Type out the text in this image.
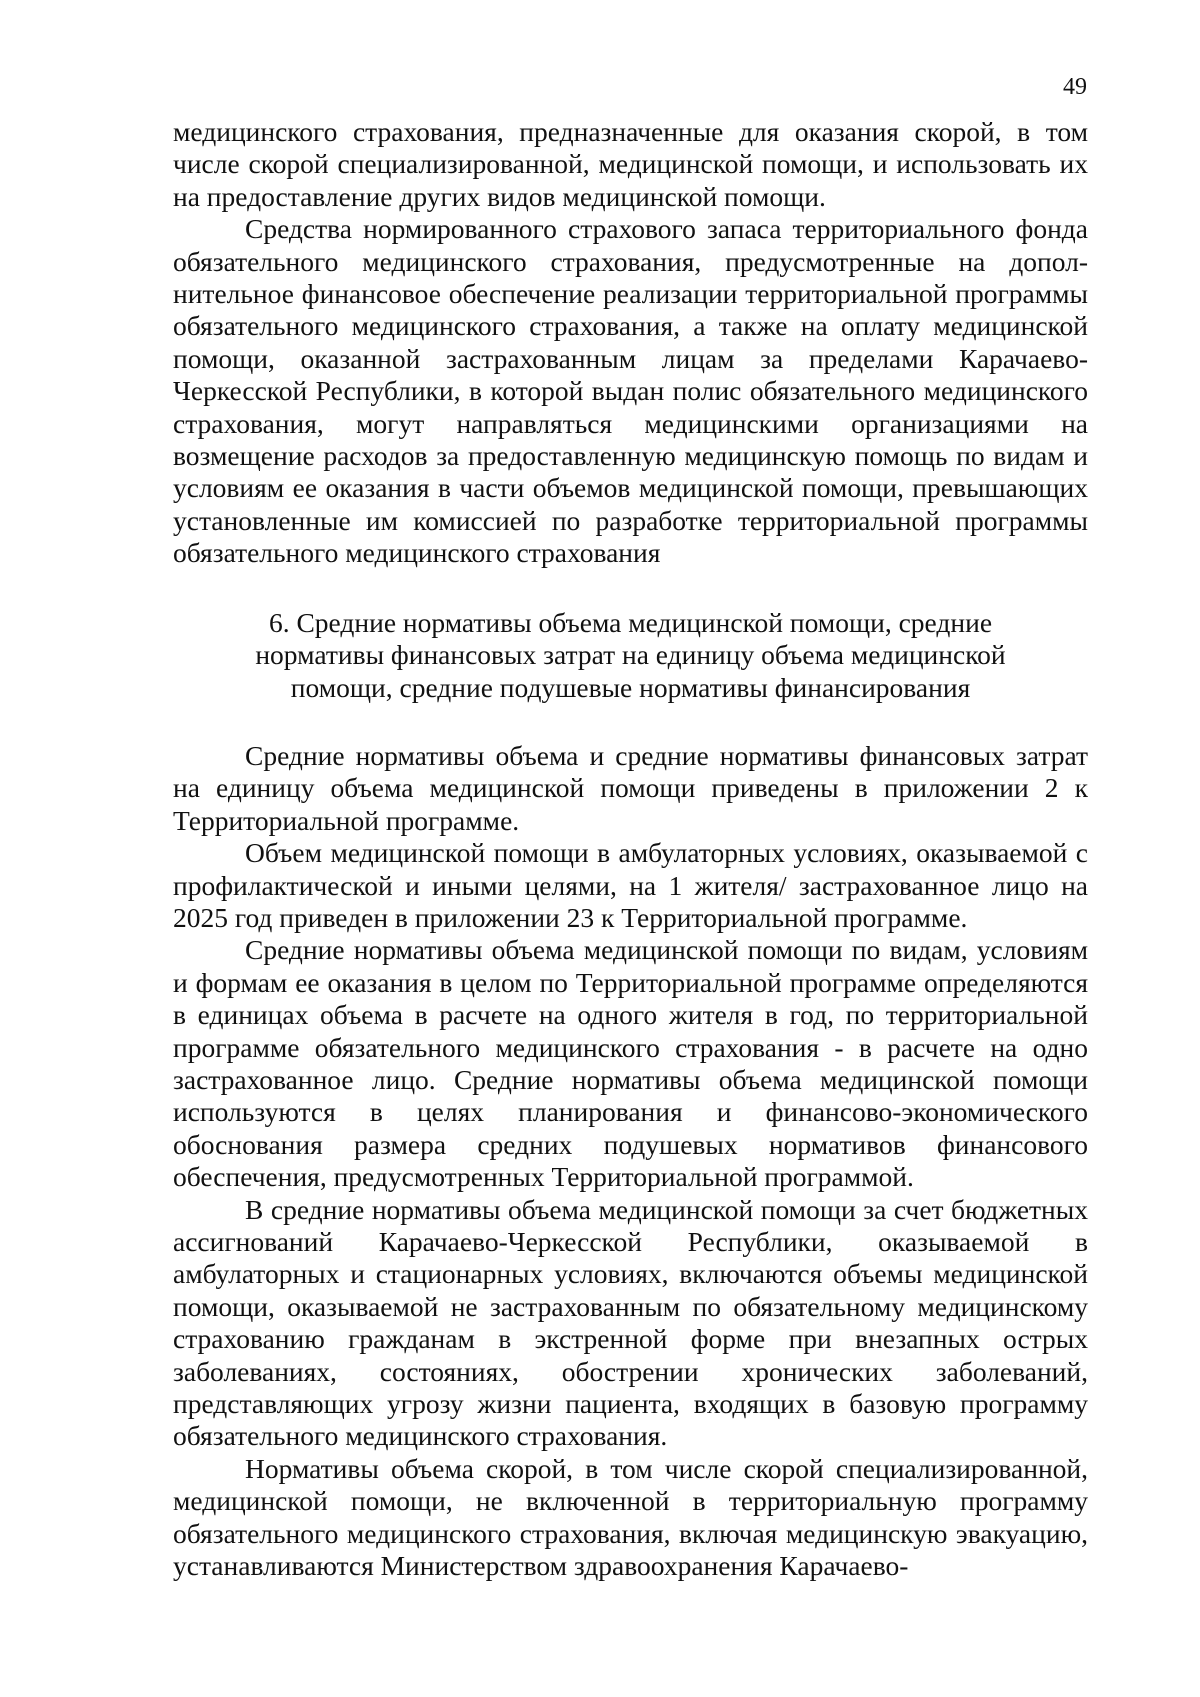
49

медицинского страхования, предназначенные для оказания скорой, в том числе скорой специализированной, медицинской помощи, и использовать их на предоставление других видов медицинской помощи.

Средства нормированного страхового запаса территориального фонда обязательного медицинского страхования, предусмотренные на дополнительное финансовое обеспечение реализации территориальной программы обязательного медицинского страхования, а также на оплату медицинской помощи, оказанной застрахованным лицам за пределами Карачаево-Черкесской Республики, в которой выдан полис обязательного медицинского страхования, могут направляться медицинскими организациями на возмещение расходов за предоставленную медицинскую помощь по видам и условиям ее оказания в части объемов медицинской помощи, превышающих установленные им комиссией по разработке территориальной программы обязательного медицинского страхования

6. Средние нормативы объема медицинской помощи, средние нормативы финансовых затрат на единицу объема медицинской помощи, средние подушевые нормативы финансирования

Средние нормативы объема и средние нормативы финансовых затрат на единицу объема медицинской помощи приведены в приложении 2 к Территориальной программе.

Объем медицинской помощи в амбулаторных условиях, оказываемой с профилактической и иными целями, на 1 жителя/ застрахованное лицо на 2025 год приведен в приложении 23 к Территориальной программе.

Средние нормативы объема медицинской помощи по видам, условиям и формам ее оказания в целом по Территориальной программе определяются в единицах объема в расчете на одного жителя в год, по территориальной программе обязательного медицинского страхования - в расчете на одно застрахованное лицо. Средние нормативы объема медицинской помощи используются в целях планирования и финансово-экономического обоснования размера средних подушевых нормативов финансового обеспечения, предусмотренных Территориальной программой.

В средние нормативы объема медицинской помощи за счет бюджетных ассигнований Карачаево-Черкесской Республики, оказываемой в амбулаторных и стационарных условиях, включаются объемы медицинской помощи, оказываемой не застрахованным по обязательному медицинскому страхованию гражданам в экстренной форме при внезапных острых заболеваниях, состояниях, обострении хронических заболеваний, представляющих угрозу жизни пациента, входящих в базовую программу обязательного медицинского страхования.

Нормативы объема скорой, в том числе скорой специализированной, медицинской помощи, не включенной в территориальную программу обязательного медицинского страхования, включая медицинскую эвакуацию, устанавливаются Министерством здравоохранения Карачаево-
